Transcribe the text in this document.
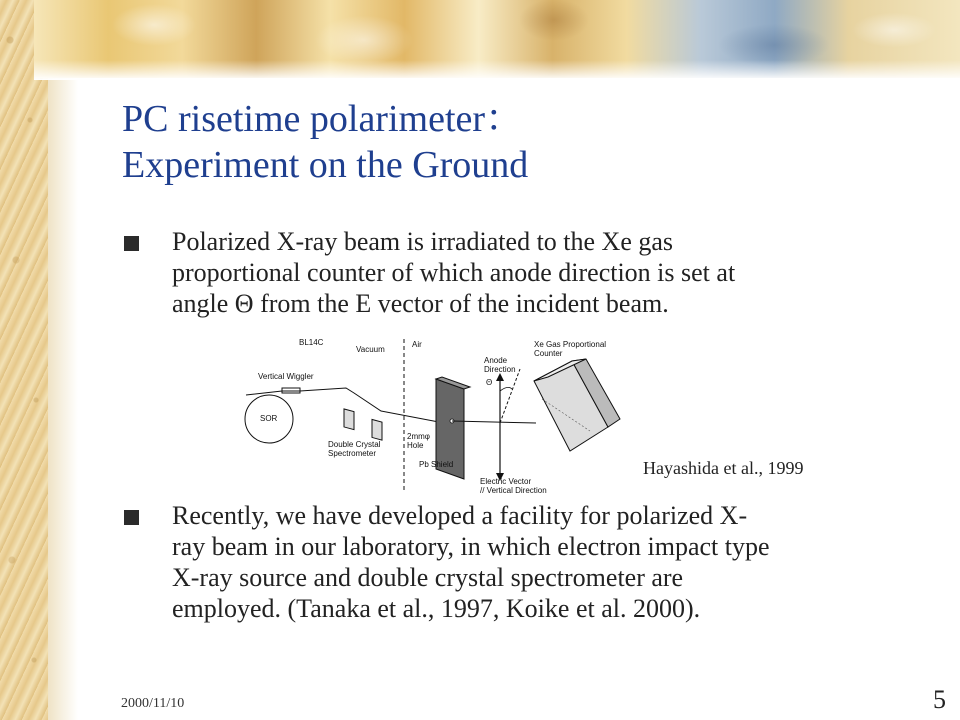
PC risetime polarimeter：
Experiment on the Ground
Polarized X-ray beam is irradiated to the Xe gas
proportional counter of which anode direction is set at
angle Θ from the E vector of the incident beam.
BL14C
Vacuum
Air
SOR
Vertical Wiggler
Double Crystal
Spectrometer
2mmφ
Hole
Pb Shield
Θ
Anode
Direction
Xe Gas Proportional
Counter
Electric Vector
// Vertical Direction
Hayashida et al., 1999
Recently, we have developed a facility for polarized X-
ray beam in our laboratory, in which electron impact type
X-ray source and double crystal spectrometer are
employed. (Tanaka et al., 1997, Koike et al. 2000).
2000/11/10	5
